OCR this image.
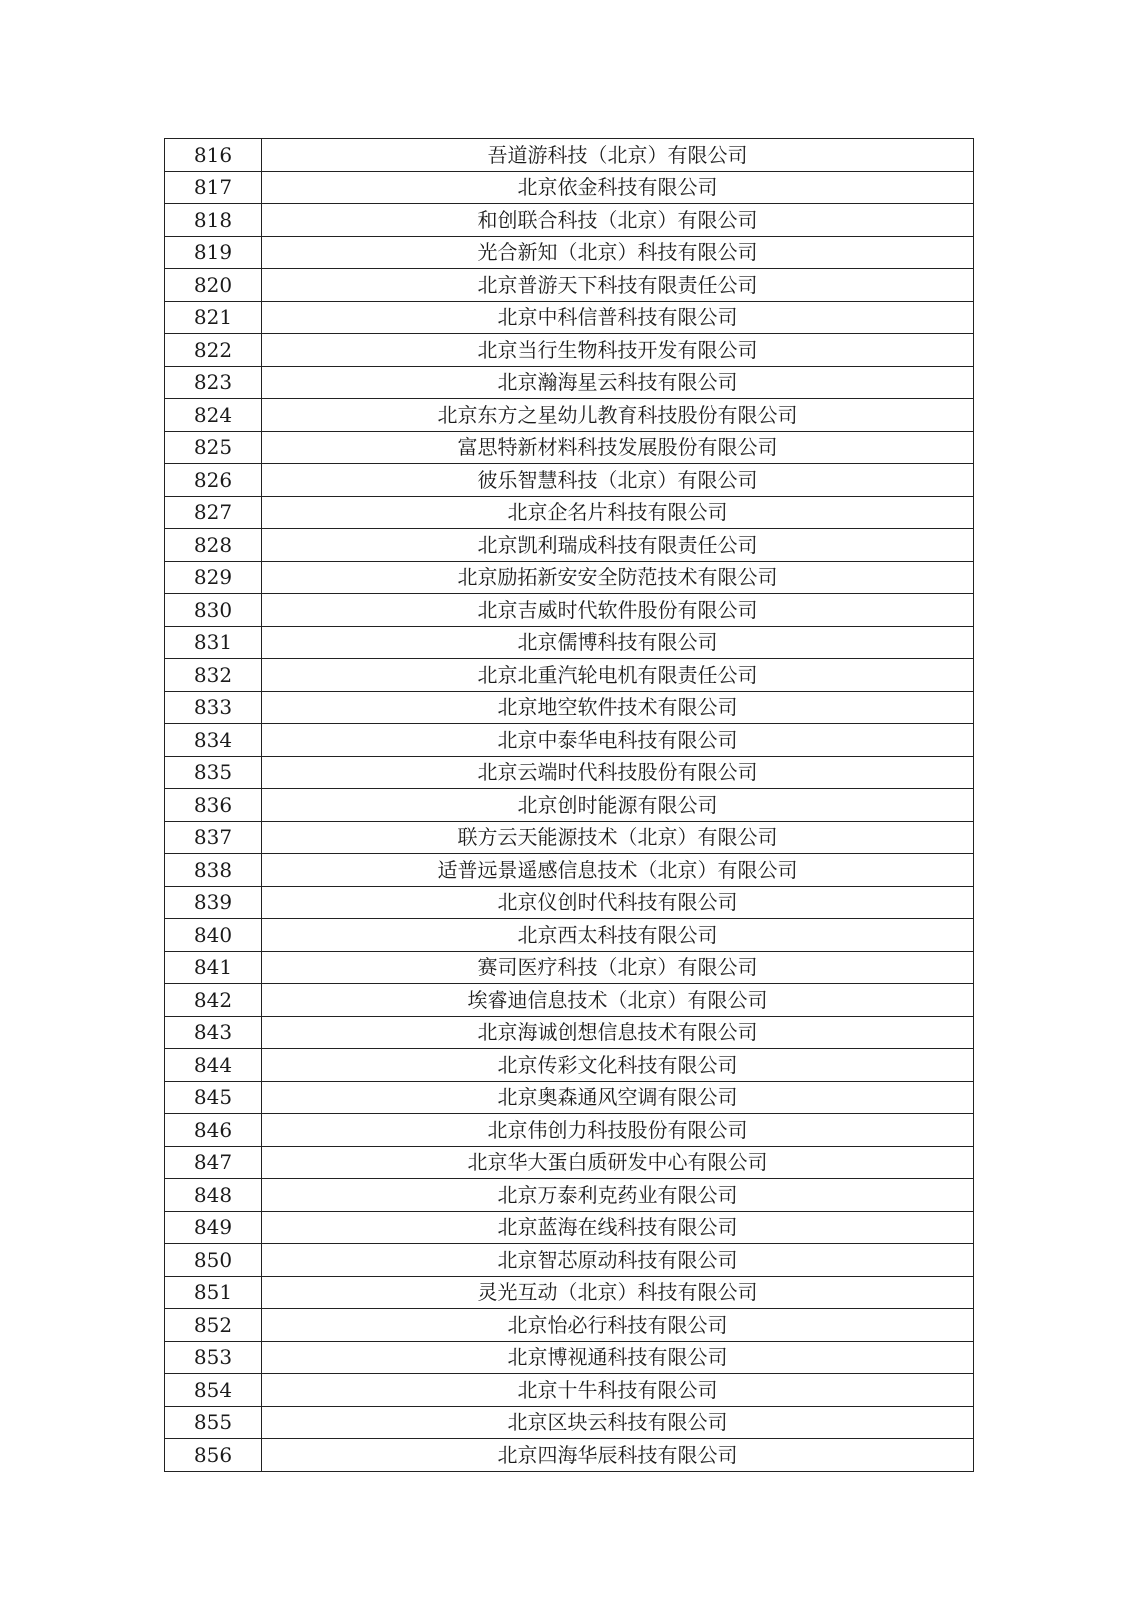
816	吾道游科技（北京）有限公司
817	北京依金科技有限公司
818	和创联合科技（北京）有限公司
819	光合新知（北京）科技有限公司
820	北京普游天下科技有限责任公司
821	北京中科信普科技有限公司
822	北京当行生物科技开发有限公司
823	北京瀚海星云科技有限公司
824	北京东方之星幼儿教育科技股份有限公司
825	富思特新材料科技发展股份有限公司
826	彼乐智慧科技（北京）有限公司
827	北京企名片科技有限公司
828	北京凯利瑞成科技有限责任公司
829	北京励拓新安安全防范技术有限公司
830	北京吉威时代软件股份有限公司
831	北京儒博科技有限公司
832	北京北重汽轮电机有限责任公司
833	北京地空软件技术有限公司
834	北京中泰华电科技有限公司
835	北京云端时代科技股份有限公司
836	北京创时能源有限公司
837	联方云天能源技术（北京）有限公司
838	适普远景遥感信息技术（北京）有限公司
839	北京仪创时代科技有限公司
840	北京西太科技有限公司
841	赛司医疗科技（北京）有限公司
842	埃睿迪信息技术（北京）有限公司
843	北京海诚创想信息技术有限公司
844	北京传彩文化科技有限公司
845	北京奥森通风空调有限公司
846	北京伟创力科技股份有限公司
847	北京华大蛋白质研发中心有限公司
848	北京万泰利克药业有限公司
849	北京蓝海在线科技有限公司
850	北京智芯原动科技有限公司
851	灵光互动（北京）科技有限公司
852	北京怡必行科技有限公司
853	北京博视通科技有限公司
854	北京十牛科技有限公司
855	北京区块云科技有限公司
856	北京四海华辰科技有限公司
